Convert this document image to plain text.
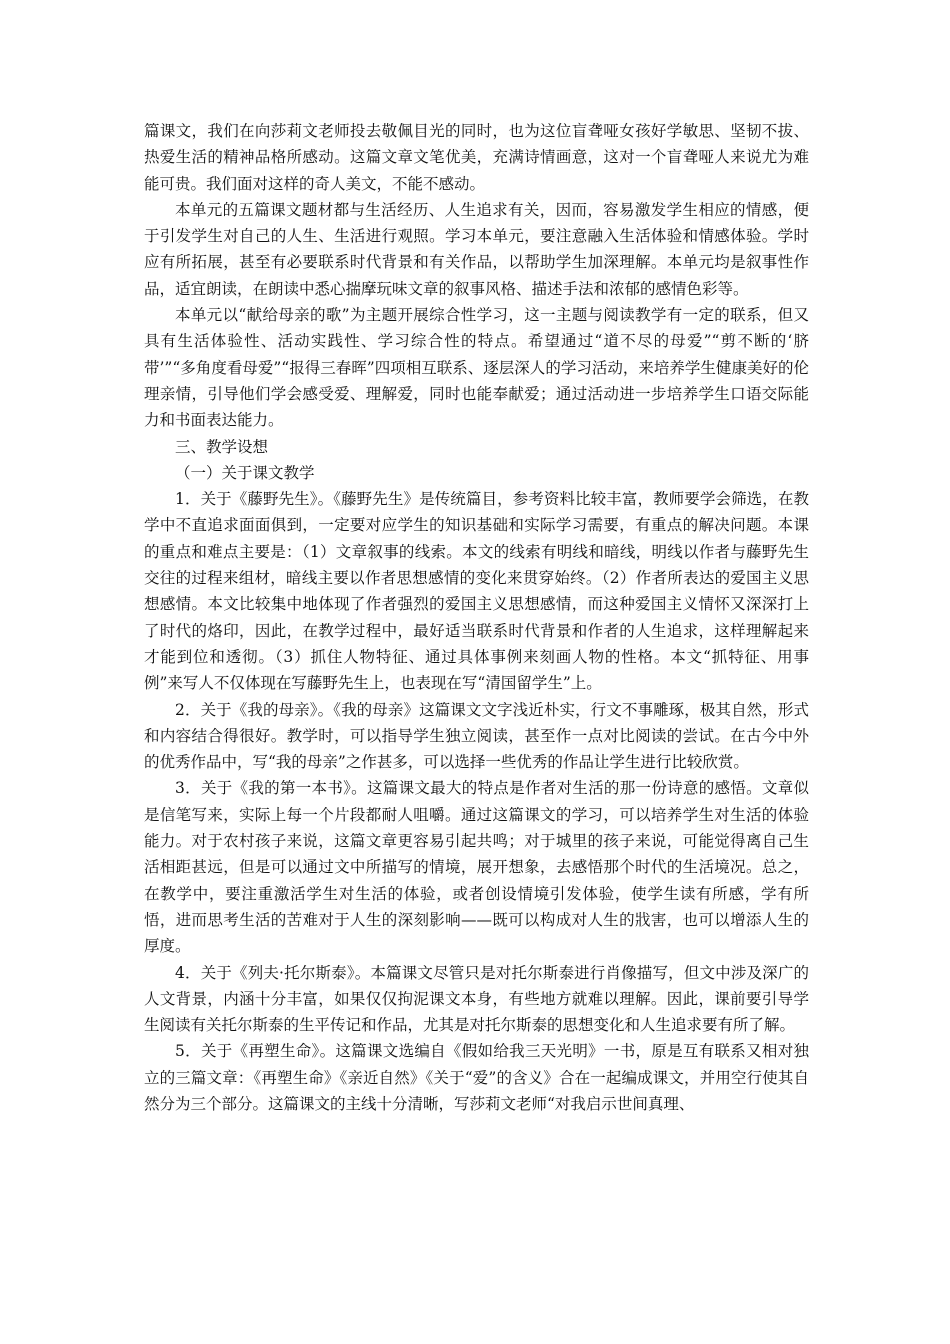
篇课文，我们在向莎莉文老师投去敬佩目光的同时，也为这位盲聋哑女孩好学敏思、坚韧不拔、热爱生活的精神品格所感动。这篇文章文笔优美，充满诗情画意，这对一个盲聋哑人来说尤为难能可贵。我们面对这样的奇人美文，不能不感动。

本单元的五篇课文题材都与生活经历、人生追求有关，因而，容易激发学生相应的情感，便于引发学生对自己的人生、生活进行观照。学习本单元，要注意融入生活体验和情感体验。学时应有所拓展，甚至有必要联系时代背景和有关作品，以帮助学生加深理解。本单元均是叙事性作品，适宜朗读，在朗读中悉心揣摩玩味文章的叙事风格、描述手法和浓郁的感情色彩等。

本单元以“献给母亲的歌”为主题开展综合性学习，这一主题与阅读教学有一定的联系，但又具有生活体验性、活动实践性、学习综合性的特点。希望通过“道不尽的母爱”“剪不断的‘脐带’”“多角度看母爱”“报得三春晖”四项相互联系、逐层深人的学习活动，来培养学生健康美好的伦理亲情，引导他们学会感受爱、理解爱，同时也能奉献爱；通过活动进一步培养学生口语交际能力和书面表达能力。

三、教学设想

（一）关于课文教学

1．关于《藤野先生》。《藤野先生》是传统篇目，参考资料比较丰富，教师要学会筛选，在教学中不直追求面面俱到，一定要对应学生的知识基础和实际学习需要，有重点的解决问题。本课的重点和难点主要是：（1）文章叙事的线索。本文的线索有明线和暗线，明线以作者与藤野先生交往的过程来组材，暗线主要以作者思想感情的变化来贯穿始终。（2）作者所表达的爱国主义思想感情。本文比较集中地体现了作者强烈的爱国主义思想感情，而这种爱国主义情怀又深深打上了时代的烙印，因此，在教学过程中，最好适当联系时代背景和作者的人生追求，这样理解起来才能到位和透彻。（3）抓住人物特征、通过具体事例来刻画人物的性格。本文“抓特征、用事例”来写人不仅体现在写藤野先生上，也表现在写“清国留学生”上。

2．关于《我的母亲》。《我的母亲》这篇课文文字浅近朴实，行文不事雕琢，极其自然，形式和内容结合得很好。教学时，可以指导学生独立阅读，甚至作一点对比阅读的尝试。在古今中外的优秀作品中，写“我的母亲”之作甚多，可以选择一些优秀的作品让学生进行比较欣赏。

3．关于《我的第一本书》。这篇课文最大的特点是作者对生活的那一份诗意的感悟。文章似是信笔写来，实际上每一个片段都耐人咀嚼。通过这篇课文的学习，可以培养学生对生活的体验能力。对于农村孩子来说，这篇文章更容易引起共鸣；对于城里的孩子来说，可能觉得离自己生活相距甚远，但是可以通过文中所描写的情境，展开想象，去感悟那个时代的生活境况。总之，在教学中，要注重激活学生对生活的体验，或者创设情境引发体验，使学生读有所感，学有所悟，进而思考生活的苦难对于人生的深刻影响——既可以构成对人生的戕害，也可以增添人生的厚度。

4．关于《列夫·托尔斯泰》。本篇课文尽管只是对托尔斯泰进行肖像描写，但文中涉及深广的人文背景，内涵十分丰富，如果仅仅拘泥课文本身，有些地方就难以理解。因此，课前要引导学生阅读有关托尔斯泰的生平传记和作品，尤其是对托尔斯泰的思想变化和人生追求要有所了解。

5．关于《再塑生命》。这篇课文选编自《假如给我三天光明》一书，原是互有联系又相对独立的三篇文章：《再塑生命》《亲近自然》《关于“爱”的含义》合在一起编成课文，并用空行使其自然分为三个部分。这篇课文的主线十分清晰，写莎莉文老师“对我启示世间真理、
